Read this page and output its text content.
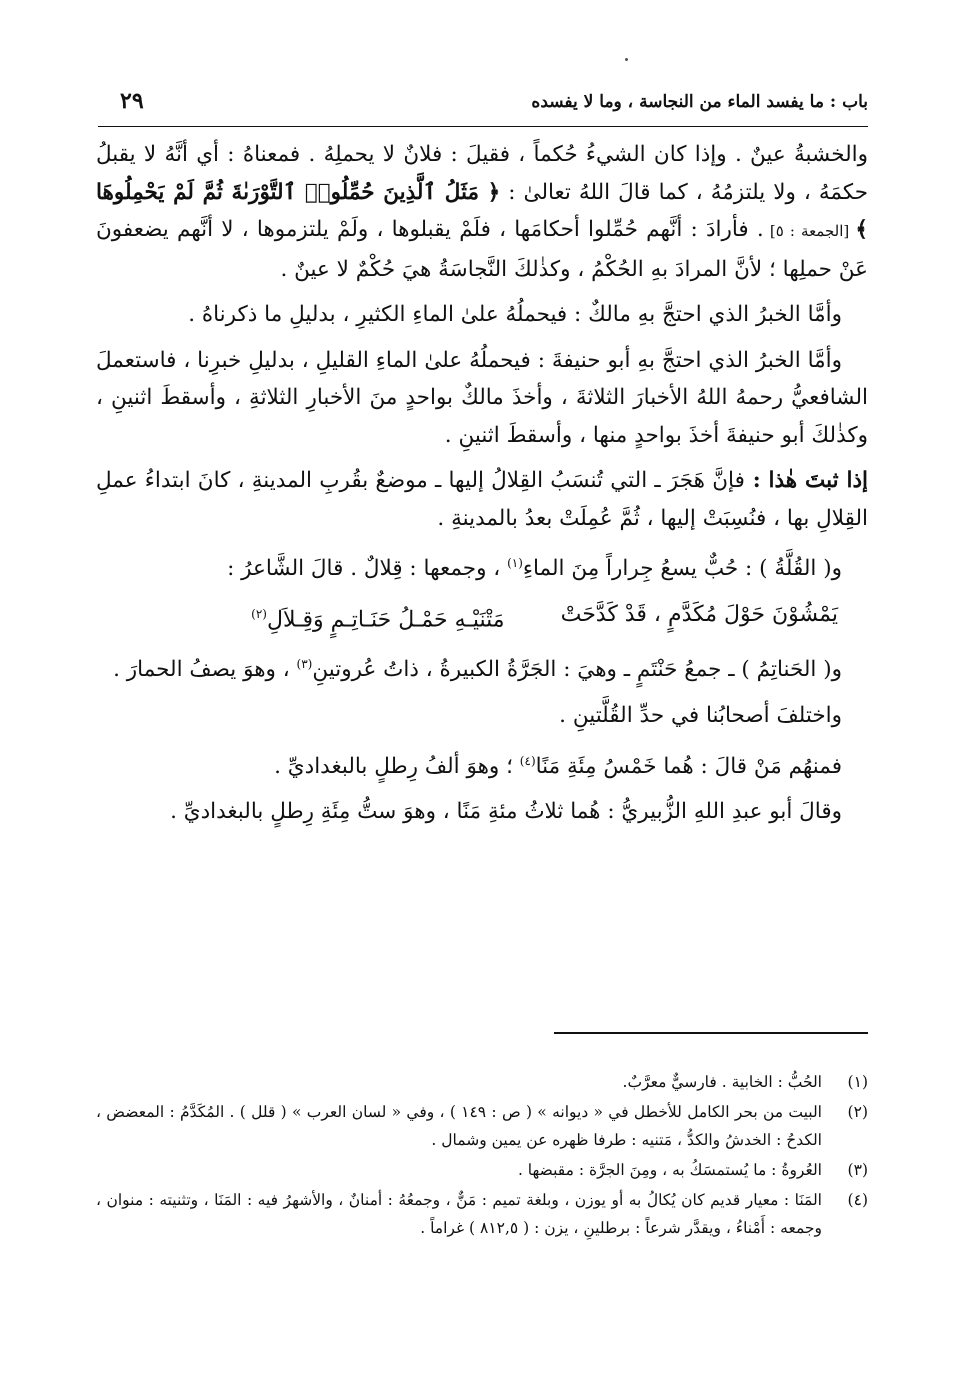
باب : ما يفسد الماء من النجاسة ، وما لا يفسده
٢٩

والخشبةُ عينٌ . وإذا كان الشيءُ حُكماً ، فقيلَ : فلانٌ لا يحملِهُ . فمعناهُ : أي أنَّهُ لا يقبلُ حكمَهُ ، ولا يلتزمُهُ ، كما قالَ اللهُ تعالىٰ : ﴿ مَثَلُ ٱلَّذِينَ حُمِّلُوا۟ ٱلتَّوْرَىٰةَ ثُمَّ لَمْ يَحْمِلُوهَا ﴾ [الجمعة : ٥] . فأرادَ : أنَّهم حُمِّلوا أحكامَها ، فلَمْ يقبلوها ، ولَمْ يلتزموها ، لا أنَّهم يضعفونَ عَنْ حملِها ؛ لأنَّ المرادَ بهِ الحُكْمُ ، وكذٰلكَ النَّجاسَةُ هيَ حُكْمٌ لا عينٌ .

وأمَّا الخبرُ الذي احتجَّ بهِ مالكٌ : فيحملُهُ علىٰ الماءِ الكثيرِ ، بدليلِ ما ذكرناهُ .

وأمَّا الخبرُ الذي احتجَّ بهِ أبو حنيفةَ : فيحملُهُ علىٰ الماءِ القليلِ ، بدليلِ خبرِنا ، فاستعملَ الشافعيُّ رحمهُ اللهُ الأخبارَ الثلاثةَ ، وأخذَ مالكٌ بواحدٍ منَ الأخبارِ الثلاثةِ ، وأسقطَ اثنينِ ، وكذٰلكَ أبو حنيفةَ أخذَ بواحدٍ منها ، وأسقطَ اثنينِ .

إذا ثبتَ هٰذا : فإنَّ هَجَرَ ـ التي تُنسَبُ القِلالُ إليها ـ موضعٌ بقُربِ المدينةِ ، كانَ ابتداءُ عملِ القِلالِ بها ، فنُسِبَتْ إليها ، ثُمَّ عُمِلَتْ بعدُ بالمدينةِ .

و( القُلَّةُ ) : حُبٌّ يسعُ جِراراً مِنَ الماءِ$^{(١)}$ ، وجمعها : قِلالٌ . قالَ الشَّاعرُ :

يَمْشُوْنَ حَوْلَ مُكَدَّمٍ ، قَدْ كَدَّحَتْ
مَتْنَيْـهِ حَمْـلُ حَنَـاتِـمٍ وَقِـلاَلِ$^{(٢)}$

و( الحَناتِمُ ) ـ جمعُ حَنْتَمٍ ـ وهيَ : الجَرَّةُ الكبيرةُ ، ذاتُ عُروتينِ$^{(٣)}$ ، وهوَ يصفُ الحمارَ .

واختلفَ أصحابُنا في حدِّ القُلَّتينِ .

فمنهُم مَنْ قالَ : هُما خَمْسُ مِئَةِ مَنًا$^{(٤)}$ ؛ وهوَ ألفُ رِطلٍ بالبغداديِّ .

وقالَ أبو عبدِ اللهِ الزُّبيريُّ : هُما ثلاثُ مئةِ مَنًا ، وهوَ ستُّ مِئَةِ رِطلٍ بالبغداديِّ .

(١)
الحُبُّ : الخابية . فارسيٌّ معرَّبٌ.
(٢)
البيت من بحر الكامل للأخطل في « ديوانه » ( ص : ١٤٩ ) ، وفي « لسان العرب » ( قلل ) . المُكَدَّمُ : المعضض ، الكدحُ : الخدشُ والكدُّ ، مَتنيه : طرفا ظهره عن يمين وشمال .
(٣)
العُروةُ : ما يُستمسَكُ به ، ومِنَ الجرَّة : مقبضها .
(٤)
المَنَا : معيار قديم كان يُكالُ به أو يوزن ، وبلغة تميم : مَنٌّ ، وجمعُهُ : أمنانٌ ، والأشهرُ فيه : المَنَا ، وتثنيته : منوان ، وجمعه : أَمْناءُ ، ويقدَّر شرعاً : برطلينِ ، يزن : ( ٨١٢,٥ ) غراماً .
